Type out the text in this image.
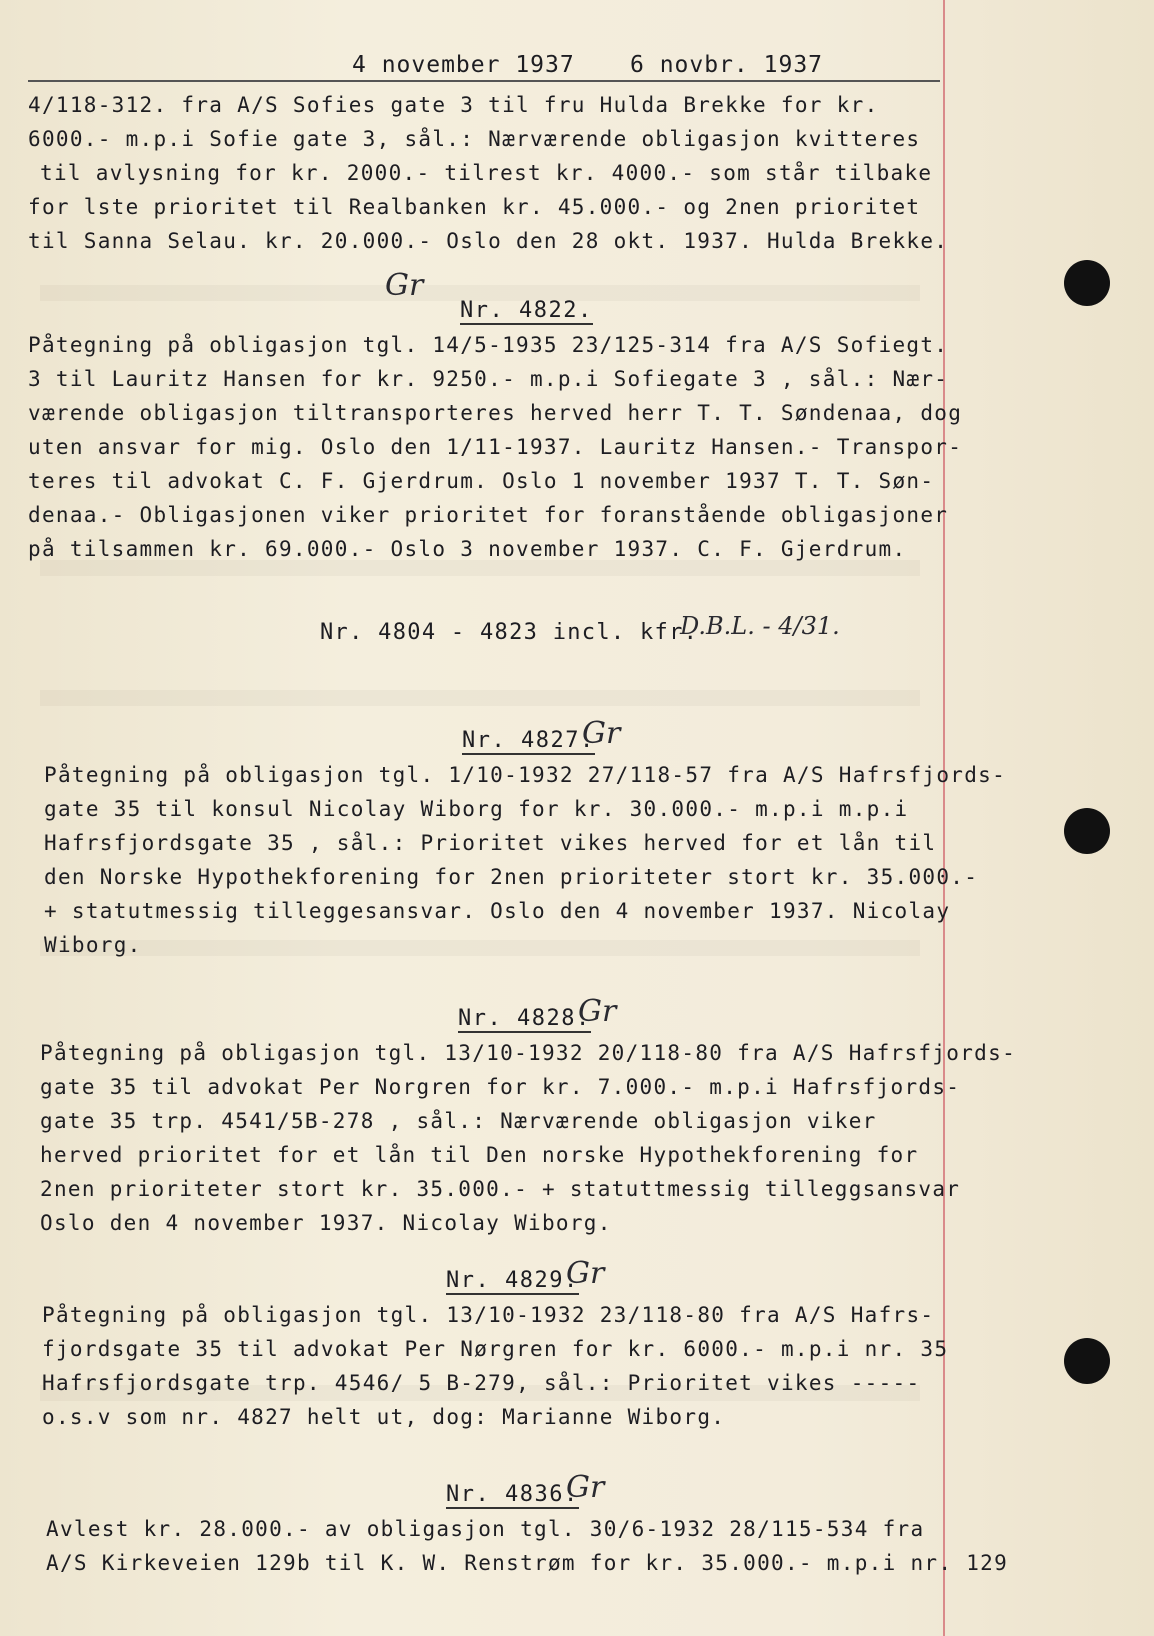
4 november 1937 6 novbr. 1937
4/118-312. fra A/S Sofies gate 3 til fru Hulda Brekke for kr.
6000.- m.p.i Sofie gate 3, sål.: Nærværende obligasjon kvitteres
til avlysning for kr. 2000.- tilrest kr. 4000.- som står tilbake
for lste prioritet til Realbanken kr. 45.000.- og 2nen prioritet
til Sanna Selau. kr. 20.000.- Oslo den 28 okt. 1937. Hulda Brekke.
Gr
Nr. 4822.
Påtegning på obligasjon tgl. 14/5-1935 23/125-314 fra A/S Sofiegt.
3 til Lauritz Hansen for kr. 9250.- m.p.i Sofiegate 3 , sål.: Nær-
værende obligasjon tiltransporteres herved herr T. T. Søndenaa, dog
uten ansvar for mig. Oslo den 1/11-1937. Lauritz Hansen.- Transpor-
teres til advokat C. F. Gjerdrum. Oslo 1 november 1937 T. T. Søn-
denaa.- Obligasjonen viker prioritet for foranstående obligasjoner
på tilsammen kr. 69.000.- Oslo 3 november 1937. C. F. Gjerdrum.
Nr. 4804 - 4823 incl. kfr.
D.B.L. - 4/31.
Nr. 4827.
Gr
Påtegning på obligasjon tgl. 1/10-1932 27/118-57 fra A/S Hafrsfjords-
gate 35 til konsul Nicolay Wiborg for kr. 30.000.- m.p.i m.p.i
Hafrsfjordsgate 35 , sål.: Prioritet vikes herved for et lån til
den Norske Hypothekforening for 2nen prioriteter stort kr. 35.000.-
+ statutmessig tilleggesansvar. Oslo den 4 november 1937. Nicolay
Wiborg.
Nr. 4828.
Gr
Påtegning på obligasjon tgl. 13/10-1932 20/118-80 fra A/S Hafrsfjords-
gate 35 til advokat Per Norgren for kr. 7.000.- m.p.i Hafrsfjords-
gate 35 trp. 4541/5B-278 , sål.: Nærværende obligasjon viker
herved prioritet for et lån til Den norske Hypothekforening for
2nen prioriteter stort kr. 35.000.- + statuttmessig tilleggsansvar
Oslo den 4 november 1937. Nicolay Wiborg.
Nr. 4829.
Gr
Påtegning på obligasjon tgl. 13/10-1932 23/118-80 fra A/S Hafrs-
fjordsgate 35 til advokat Per Nørgren for kr. 6000.- m.p.i nr. 35
Hafrsfjordsgate trp. 4546/ 5 B-279, sål.: Prioritet vikes -----
o.s.v som nr. 4827 helt ut, dog: Marianne Wiborg.
Nr. 4836.
Gr
Avlest kr. 28.000.- av obligasjon tgl. 30/6-1932 28/115-534 fra
A/S Kirkeveien 129b til K. W. Renstrøm for kr. 35.000.- m.p.i nr. 129
